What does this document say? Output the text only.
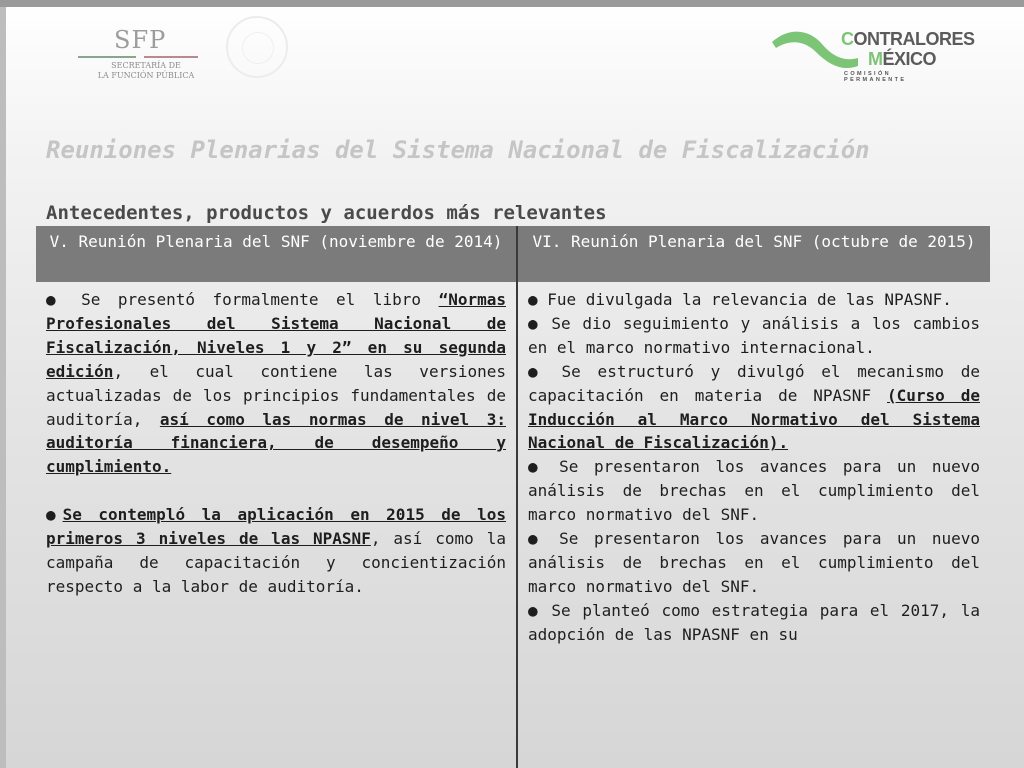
SFP
SECRETARÍA DE
LA FUNCIÓN PÚBLICA
CONTRALORES
MÉXICO
COMISIÓN PERMANENTE
Reuniones Plenarias del Sistema Nacional de Fiscalización
Antecedentes, productos y acuerdos más relevantes
V. Reunión Plenaria del SNF (noviembre de 2014)	VI. Reunión Plenaria del SNF (octubre de 2015)

● Se presentó formalmente el libro “Normas Profesionales del Sistema Nacional de Fiscalización, Niveles 1 y 2” en su segunda edición, el cual contiene las versiones actualizadas de los principios fundamentales de auditoría, así como las normas de nivel 3: auditoría financiera, de desempeño y cumplimiento.

●Se contempló la aplicación en 2015 de los primeros 3 niveles de las NPASNF, así como la campaña de capacitación y concientización respecto a la labor de auditoría.

● Fue divulgada la relevancia de las NPASNF.

● Se dio seguimiento y análisis a los cambios en el marco normativo internacional.

● Se estructuró y divulgó el mecanismo de capacitación en materia de NPASNF (Curso de Inducción al Marco Normativo del Sistema Nacional de Fiscalización).

● Se presentaron los avances para un nuevo análisis de brechas en el cumplimiento del marco normativo del SNF.

● Se presentaron los avances para un nuevo análisis de brechas en el cumplimiento del marco normativo del SNF.

● Se planteó como estrategia para el 2017, la adopción de las NPASNF en su
